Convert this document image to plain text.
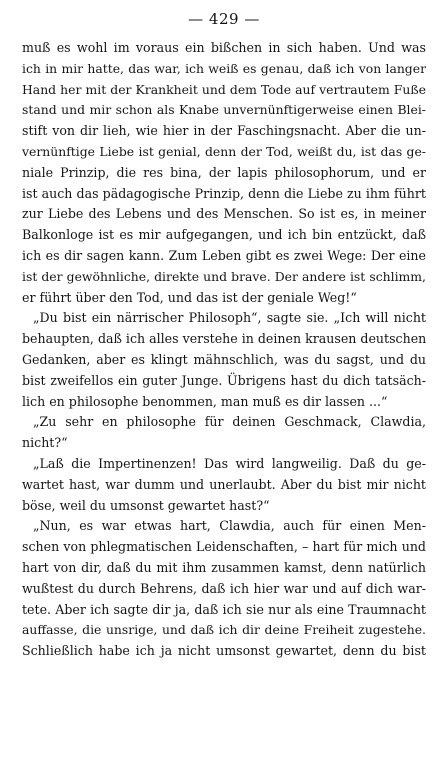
— 429 —
muß es wohl im voraus ein bißchen in sich haben. Und was
ich in mir hatte, das war, ich weiß es genau, daß ich von langer
Hand her mit der Krankheit und dem Tode auf vertrautem Fuße
stand und mir schon als Knabe unvernünftigerweise einen Blei-
stift von dir lieh, wie hier in der Faschingsnacht. Aber die un-
vernünftige Liebe ist genial, denn der Tod, weißt du, ist das ge-
niale Prinzip, die res bina, der lapis philosophorum, und er
ist auch das pädagogische Prinzip, denn die Liebe zu ihm führt
zur Liebe des Lebens und des Menschen. So ist es, in meiner
Balkonloge ist es mir aufgegangen, und ich bin entzückt, daß
ich es dir sagen kann. Zum Leben gibt es zwei Wege: Der eine
ist der gewöhnliche, direkte und brave. Der andere ist schlimm,
er führt über den Tod, und das ist der geniale Weg!“
„Du bist ein närrischer Philosoph“, sagte sie. „Ich will nicht
behaupten, daß ich alles verstehe in deinen krausen deutschen
Gedanken, aber es klingt mähnschlich, was du sagst, und du
bist zweifellos ein guter Junge. Übrigens hast du dich tatsäch-
lich en philosophe benommen, man muß es dir lassen ...“
„Zu sehr en philosophe für deinen Geschmack, Clawdia,
nicht?“
„Laß die Impertinenzen! Das wird langweilig. Daß du ge-
wartet hast, war dumm und unerlaubt. Aber du bist mir nicht
böse, weil du umsonst gewartet hast?“
„Nun, es war etwas hart, Clawdia, auch für einen Men-
schen von phlegmatischen Leidenschaften, – hart für mich und
hart von dir, daß du mit ihm zusammen kamst, denn natürlich
wußtest du durch Behrens, daß ich hier war und auf dich war-
tete. Aber ich sagte dir ja, daß ich sie nur als eine Traumnacht
auffasse, die unsrige, und daß ich dir deine Freiheit zugestehe.
Schließlich habe ich ja nicht umsonst gewartet, denn du bist
